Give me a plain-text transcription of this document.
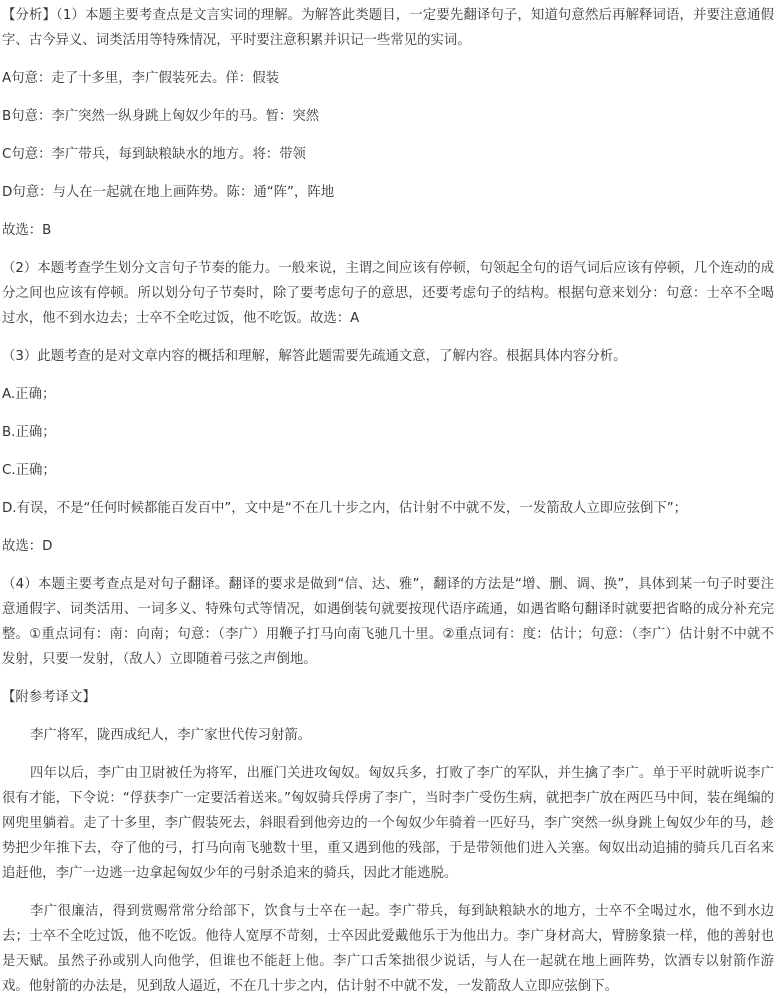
【分析】（1）本题主要考查点是文言实词的理解。为解答此类题目，一定要先翻译句子，知道句意然后再解释词语，并要注意通假字、古今异义、词类活用等特殊情况，平时要注意积累并识记一些常见的实词。

A句意：走了十多里，李广假装死去。佯：假装

B句意：李广突然一纵身跳上匈奴少年的马。暂：突然

C句意：李广带兵，每到缺粮缺水的地方。将：带领

D句意：与人在一起就在地上画阵势。陈：通“阵”，阵地

故选：B

（2）本题考查学生划分文言句子节奏的能力。一般来说，主谓之间应该有停顿，句领起全句的语气词后应该有停顿，几个连动的成分之间也应该有停顿。所以划分句子节奏时，除了要考虑句子的意思，还要考虑句子的结构。根据句意来划分：句意：士卒不全喝过水，他不到水边去；士卒不全吃过饭，他不吃饭。故选：A

（3）此题考查的是对文章内容的概括和理解，解答此题需要先疏通文意，了解内容。根据具体内容分析。

A.正确；

B.正确；

C.正确；

D.有误，不是“任何时候都能百发百中”，文中是“不在几十步之内，估计射不中就不发，一发箭敌人立即应弦倒下”；

故选：D

（4）本题主要考查点是对句子翻译。翻译的要求是做到“信、达、雅”，翻译的方法是“增、删、调、换”，具体到某一句子时要注意通假字、词类活用、一词多义、特殊句式等情况，如遇倒装句就要按现代语序疏通，如遇省略句翻译时就要把省略的成分补充完整。①重点词有：南：向南；句意：（李广）用鞭子打马向南飞驰几十里。②重点词有：度：估计；句意：（李广）估计射不中就不发射，只要一发射，（敌人）立即随着弓弦之声倒地。

【附参考译文】

李广将军，陇西成纪人，李广家世代传习射箭。

四年以后，李广由卫尉被任为将军，出雁门关进攻匈奴。匈奴兵多，打败了李广的军队，并生擒了李广。单于平时就听说李广很有才能，下令说：“俘获李广一定要活着送来。”匈奴骑兵俘虏了李广，当时李广受伤生病，就把李广放在两匹马中间，装在绳编的网兜里躺着。走了十多里，李广假装死去，斜眼看到他旁边的一个匈奴少年骑着一匹好马，李广突然一纵身跳上匈奴少年的马，趁势把少年推下去，夺了他的弓，打马向南飞驰数十里，重又遇到他的残部，于是带领他们进入关塞。匈奴出动追捕的骑兵几百名来追赶他，李广一边逃一边拿起匈奴少年的弓射杀追来的骑兵，因此才能逃脱。

李广很廉洁，得到赏赐常常分给部下，饮食与士卒在一起。李广带兵，每到缺粮缺水的地方，士卒不全喝过水，他不到水边去；士卒不全吃过饭，他不吃饭。他待人宽厚不苛刻，士卒因此爱戴他乐于为他出力。李广身材高大，臂膀象猿一样，他的善射也是天赋。虽然子孙或别人向他学，但谁也不能赶上他。李广口舌笨拙很少说话，与人在一起就在地上画阵势，饮酒专以射箭作游戏。他射箭的办法是，见到敌人逼近，不在几十步之内，估计射不中就不发，一发箭敌人立即应弦倒下。
